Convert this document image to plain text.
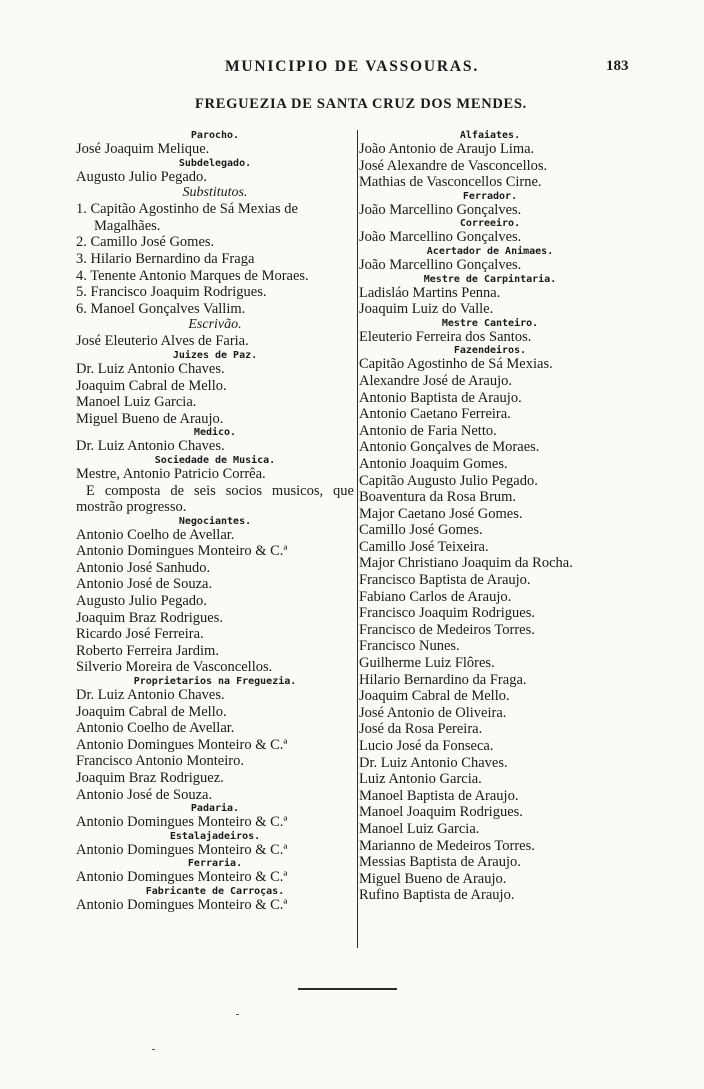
MUNICIPIO DE VASSOURAS.	183
FREGUEZIA DE SANTA CRUZ DOS MENDES.
Parocho.
José Joaquim Melique.
Subdelegado.
Augusto Julio Pegado.
Substitutos.
1. Capitão Agostinho de Sá Mexias de Magalhães.
2. Camillo José Gomes.
3. Hilario Bernardino da Fraga
4. Tenente Antonio Marques de Moraes.
5. Francisco Joaquim Rodrigues.
6. Manoel Gonçalves Vallim.
Escrivão.
José Eleuterio Alves de Faria.
Juizes de Paz.
Dr. Luiz Antonio Chaves.
Joaquim Cabral de Mello.
Manoel Luiz Garcia.
Miguel Bueno de Araujo.
Medico.
Dr. Luiz Antonio Chaves.
Sociedade de Musica.
Mestre, Antonio Patricio Corrêa.
E composta de seis socios musicos, que mostrão progresso.
Negociantes.
Antonio Coelho de Avellar.
Antonio Domingues Monteiro & C.ª
Antonio José Sanhudo.
Antonio José de Souza.
Augusto Julio Pegado.
Joaquim Braz Rodrigues.
Ricardo José Ferreira.
Roberto Ferreira Jardim.
Silverio Moreira de Vasconcellos.
Proprietarios na Freguezia.
Dr. Luiz Antonio Chaves.
Joaquim Cabral de Mello.
Antonio Coelho de Avellar.
Antonio Domingues Monteiro & C.ª
Francisco Antonio Monteiro.
Joaquim Braz Rodriguez.
Antonio José de Souza.
Padaria.
Antonio Domingues Monteiro & C.ª
Estalajadeiros.
Antonio Domingues Monteiro & C.ª
Ferraria.
Antonio Domingues Monteiro & C.ª
Fabricante de Carroças.
Antonio Domingues Monteiro & C.ª
Alfaiates.
João Antonio de Araujo Lima.
José Alexandre de Vasconcellos.
Mathias de Vasconcellos Cirne.
Ferrador.
João Marcellino Gonçalves.
Correeiro.
João Marcellino Gonçalves.
Acertador de Animaes.
João Marcellino Gonçalves.
Mestre de Carpintaria.
Ladisláo Martins Penna.
Joaquim Luiz do Valle.
Mestre Canteiro.
Eleuterio Ferreira dos Santos.
Fazendeiros.
Capitão Agostinho de Sá Mexias.
Alexandre José de Araujo.
Antonio Baptista de Araujo.
Antonio Caetano Ferreira.
Antonio de Faria Netto.
Antonio Gonçalves de Moraes.
Antonio Joaquim Gomes.
Capitão Augusto Julio Pegado.
Boaventura da Rosa Brum.
Major Caetano José Gomes.
Camillo José Gomes.
Camillo José Teixeira.
Major Christiano Joaquim da Rocha.
Francisco Baptista de Araujo.
Fabiano Carlos de Araujo.
Francisco Joaquim Rodrigues.
Francisco de Medeiros Torres.
Francisco Nunes.
Guilherme Luiz Flôres.
Hilario Bernardino da Fraga.
Joaquim Cabral de Mello.
José Antonio de Oliveira.
José da Rosa Pereira.
Lucio José da Fonseca.
Dr. Luiz Antonio Chaves.
Luiz Antonio Garcia.
Manoel Baptista de Araujo.
Manoel Joaquim Rodrigues.
Manoel Luiz Garcia.
Marianno de Medeiros Torres.
Messias Baptista de Araujo.
Miguel Bueno de Araujo.
Rufino Baptista de Araujo.
